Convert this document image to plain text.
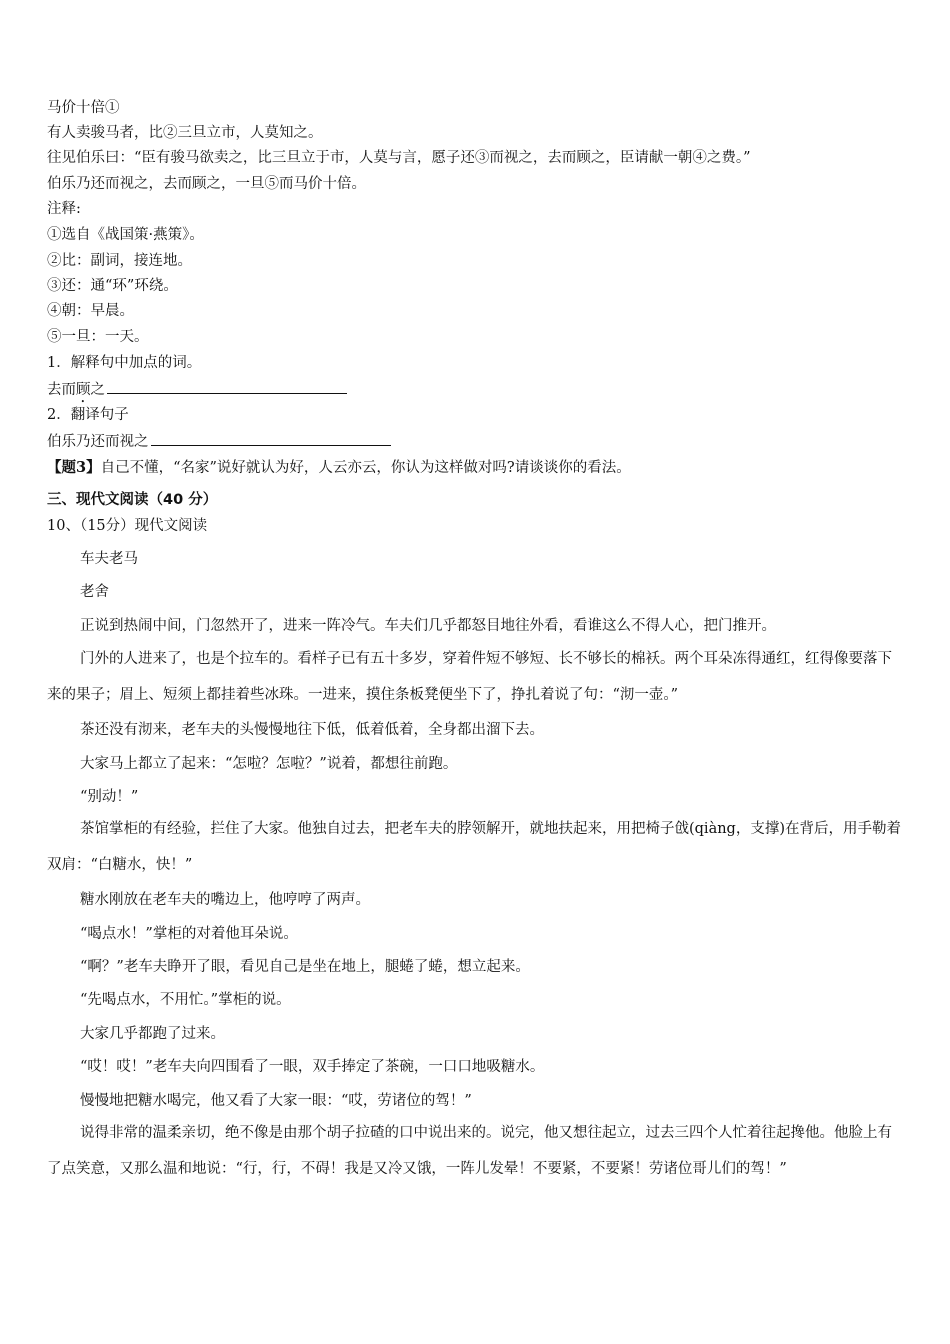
马价十倍①

有人卖骏马者，比②三旦立市，人莫知之。

往见伯乐曰：“臣有骏马欲卖之，比三旦立于市，人莫与言，愿子还③而视之，去而顾之，臣请献一朝④之费。”

伯乐乃还而视之，去而顾之，一旦⑤而马价十倍。

注释:

①选自《战国策·燕策》。

②比：副词，接连地。

③还：通“环”环绕。

④朝：早晨。

⑤一旦：一天。

1．解释句中加点的词。

去而顾之

2．翻译句子

伯乐乃还而视之

【题3】自己不懂，“名家”说好就认为好，人云亦云，你认为这样做对吗?请谈谈你的看法。

三、现代文阅读（40 分）

10、（15分）现代文阅读

车夫老马

老舍

正说到热闹中间，门忽然开了，进来一阵冷气。车夫们几乎都怒目地往外看，看谁这么不得人心，把门推开。

门外的人进来了，也是个拉车的。看样子已有五十多岁，穿着件短不够短、长不够长的棉袄。两个耳朵冻得通红，红得像要落下来的果子；眉上、短须上都挂着些冰珠。一进来，摸住条板凳便坐下了，挣扎着说了句：“沏一壶。”

茶还没有沏来，老车夫的头慢慢地往下低，低着低着，全身都出溜下去。

大家马上都立了起来：“怎啦？怎啦？”说着，都想往前跑。

“别动！”

茶馆掌柜的有经验，拦住了大家。他独自过去，把老车夫的脖领解开，就地扶起来，用把椅子戗(qiàng，支撑)在背后，用手勒着双肩：“白糖水，快！”

糖水刚放在老车夫的嘴边上，他哼哼了两声。

“喝点水！”掌柜的对着他耳朵说。

“啊？”老车夫睁开了眼，看见自己是坐在地上，腿蜷了蜷，想立起来。

“先喝点水，不用忙。”掌柜的说。

大家几乎都跑了过来。

“哎！哎！”老车夫向四围看了一眼，双手捧定了茶碗，一口口地吸糖水。

慢慢地把糖水喝完，他又看了大家一眼：“哎，劳诸位的驾！”

说得非常的温柔亲切，绝不像是由那个胡子拉碴的口中说出来的。说完，他又想往起立，过去三四个人忙着往起搀他。他脸上有了点笑意，又那么温和地说：“行，行，不碍！我是又冷又饿，一阵儿发晕！不要紧，不要紧！劳诸位哥儿们的驾！”
